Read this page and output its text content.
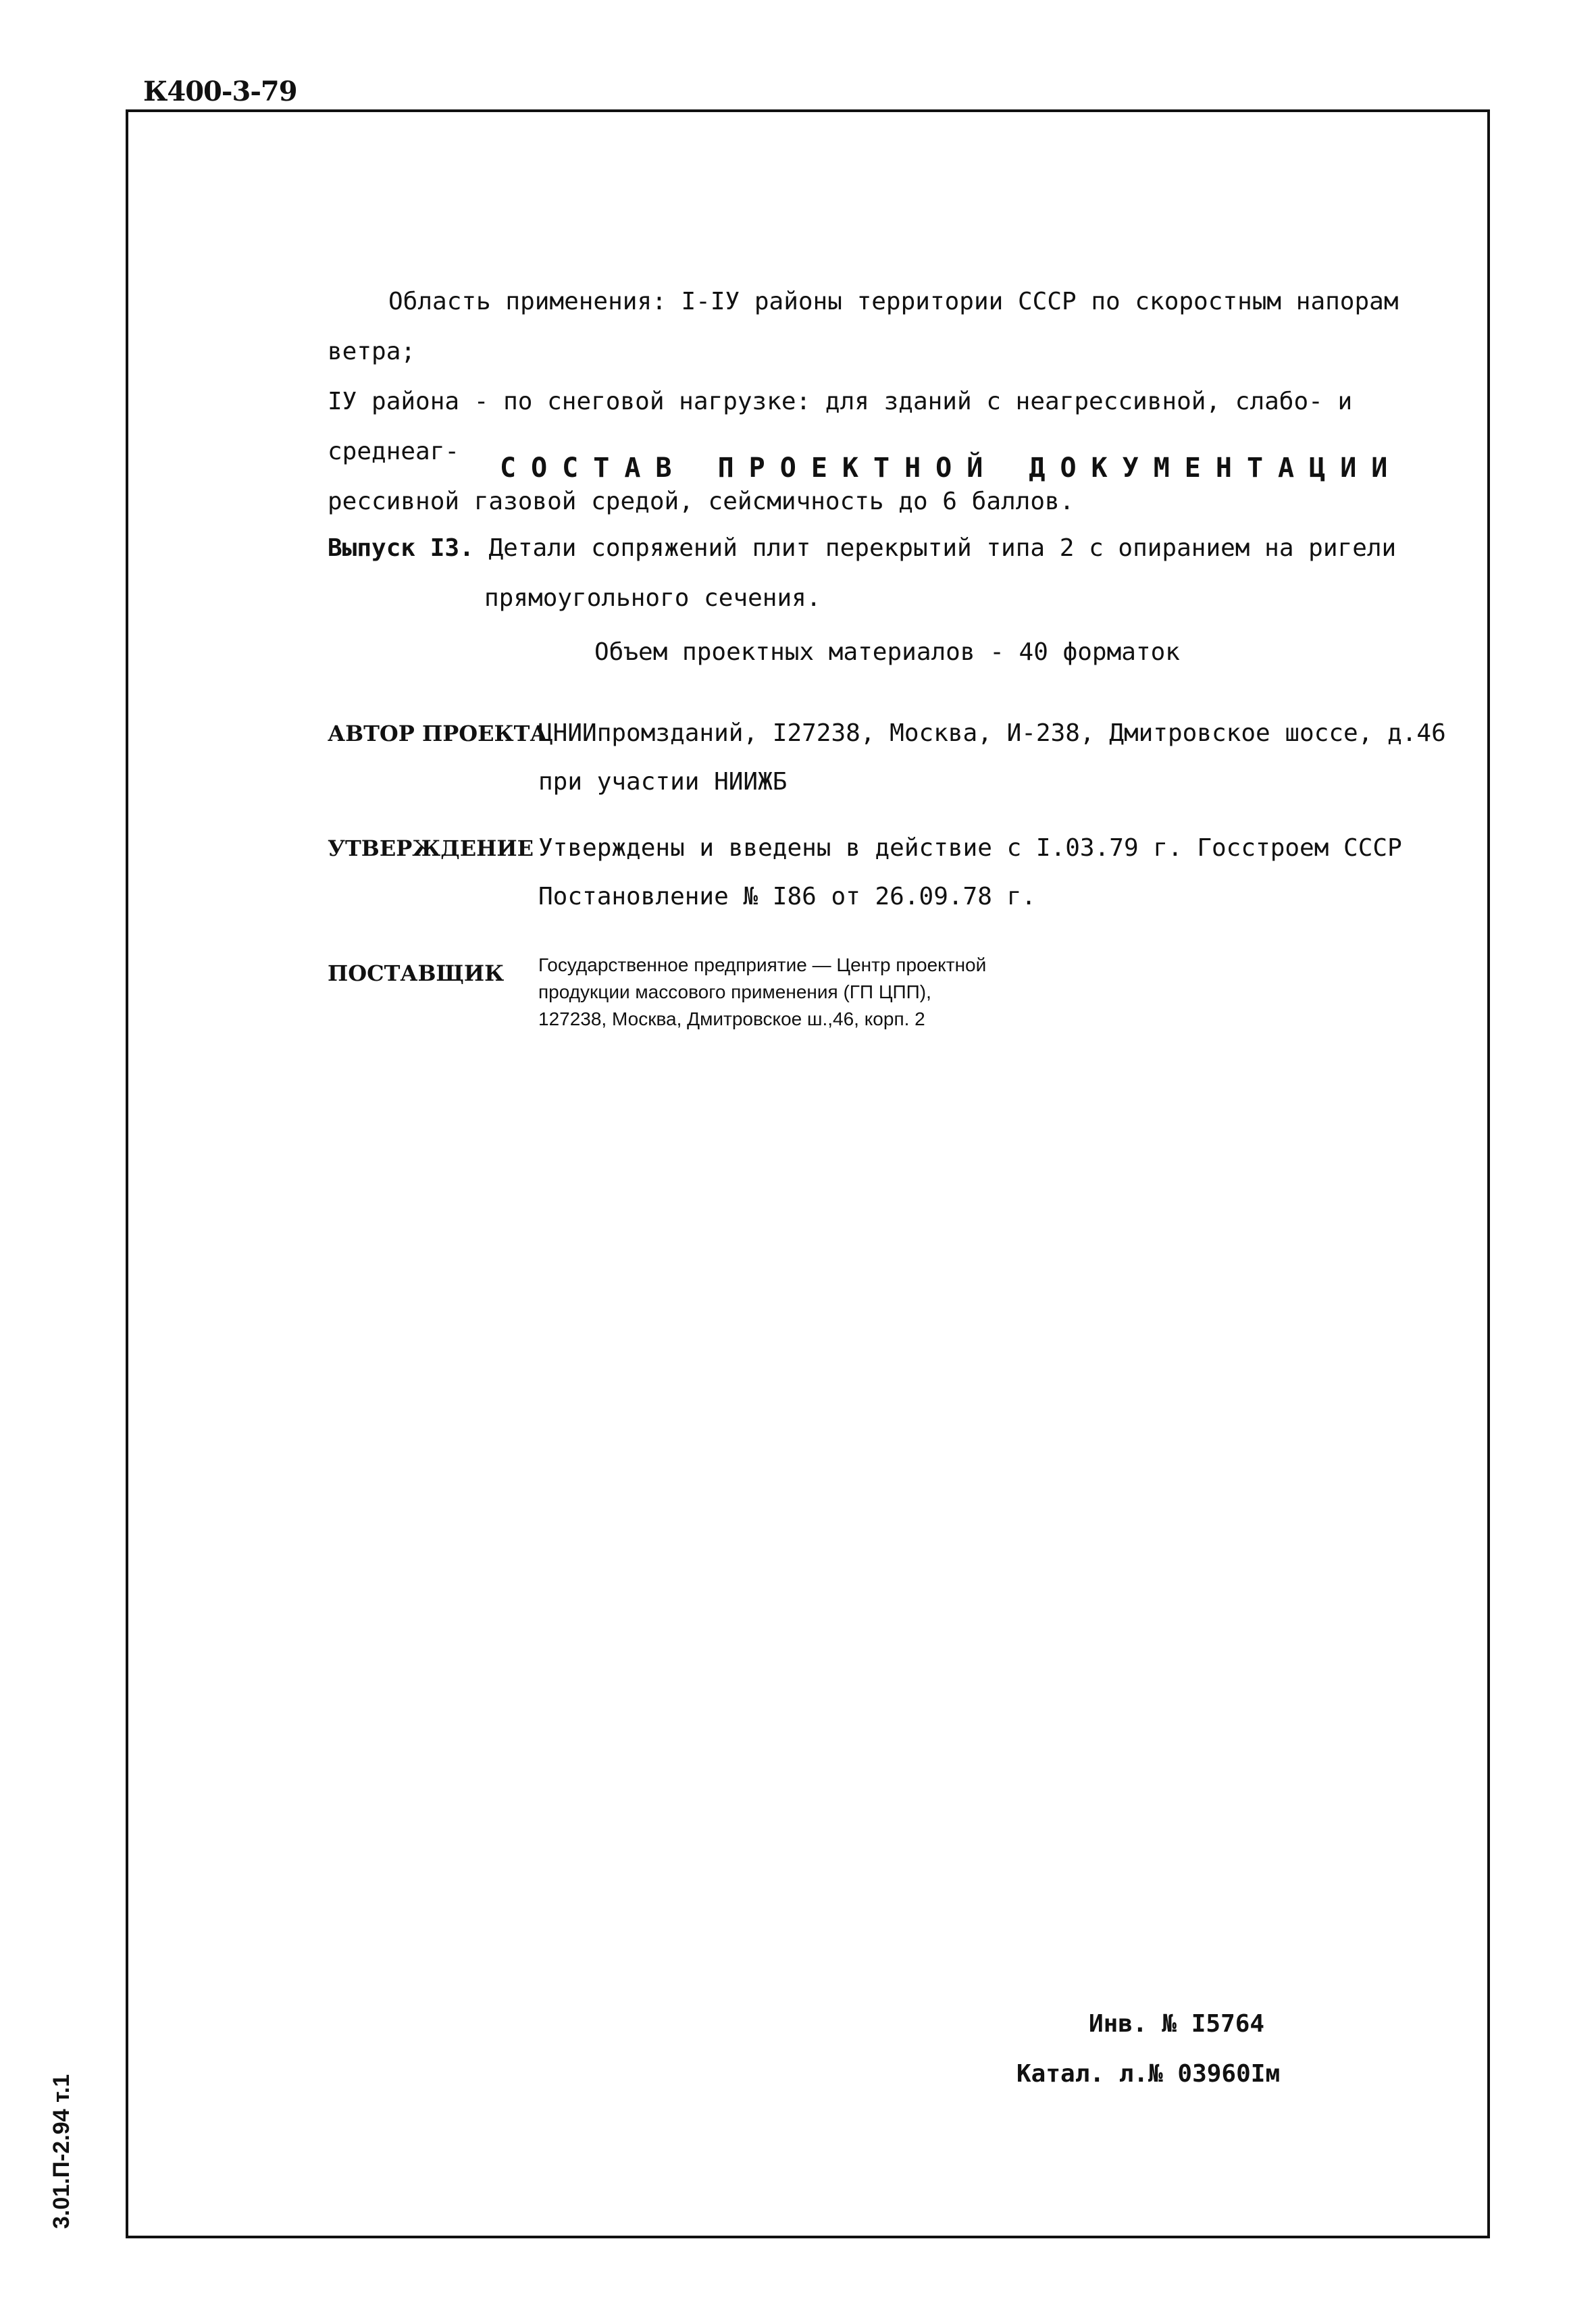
К400-3-79
3.01.П-2.94 т.1

Область применения: I-IУ районы территории СССР по скоростным напорам ветра;

IУ района - по снеговой нагрузке: для зданий с неагрессивной, слабо- и среднеаг-

рессивной газовой средой, сейсмичность до 6 баллов.

СОСТАВ ПРОЕКТНОЙ ДОКУМЕНТАЦИИ
Выпуск I3. Детали сопряжений плит перекрытий типа 2 с опиранием на ригели
прямоугольного сечения.
Объем проектных материалов - 40 форматок
АВТОР ПРОЕКТА
ЦНИИпромзданий, I27238, Москва, И-238, Дмитровское шоссе, д.46
при участии НИИЖБ
УТВЕРЖДЕНИЕ Утверждены и введены в действие с I.03.79 г. Госстроем СССР
Постановление № I86 от 26.09.78 г.
ПОСТАВЩИК Государственное предприятие — Центр проектной
продукции массового применения (ГП ЦПП),
127238, Москва, Дмитровское ш.,46, корп. 2
Инв. № I5764
Катал. л.№ 03960Iм
